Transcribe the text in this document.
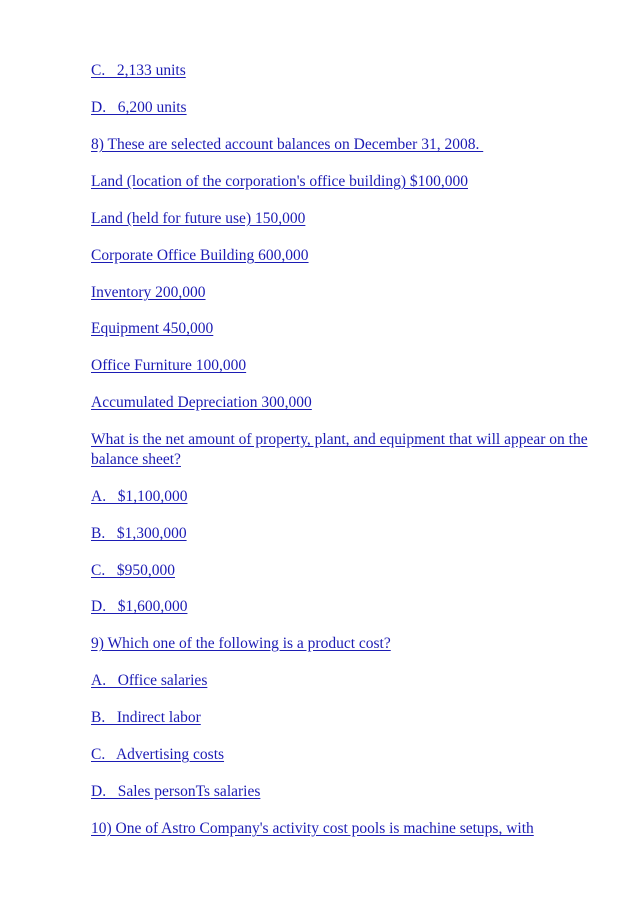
C.   2,133 units
D.   6,200 units
8) These are selected account balances on December 31, 2008.
Land (location of the corporation's office building) $100,000
Land (held for future use) 150,000
Corporate Office Building 600,000
Inventory 200,000
Equipment 450,000
Office Furniture 100,000
Accumulated Depreciation 300,000
What is the net amount of property, plant, and equipment that will appear on the balance sheet?
A.   $1,100,000
B.   $1,300,000
C.   $950,000
D.   $1,600,000
9) Which one of the following is a product cost?
A.   Office salaries
B.   Indirect labor
C.   Advertising costs
D.   Sales personTs salaries
10) One of Astro Company's activity cost pools is machine setups, with
